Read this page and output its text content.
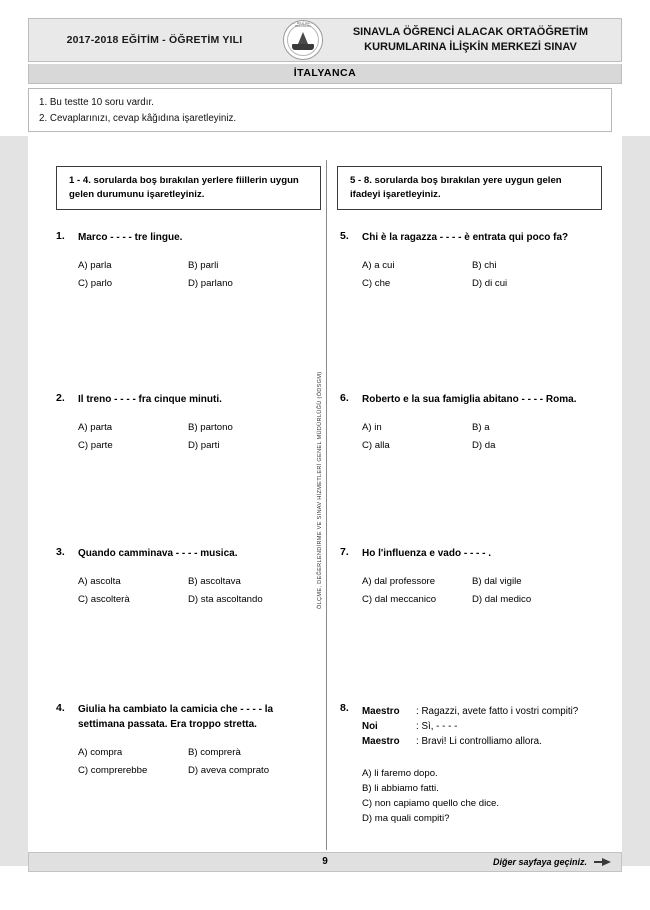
2017-2018 EĞİTİM - ÖĞRETİM YILI
T.C. MİLLÎ EĞİTİM BAKANLIĞI	SINAVLA ÖĞRENCİ ALACAK ORTAÖĞRETİM
KURUMLARINA İLİŞKİN MERKEZİ SINAV
İTALYANCA
1. Bu testte 10 soru vardır.
2. Cevaplarınızı, cevap kâğıdına işaretleyiniz.
1 - 4. sorularda boş bırakılan yerlere fiillerin uygun gelen durumunu işaretleyiniz.
5 - 8. sorularda boş bırakılan yere uygun gelen ifadeyi işaretleyiniz.
ÖLÇME, DEĞERLENDİRME VE SINAV HİZMETLERİ GENEL MÜDÜRLÜĞÜ (ÖDSGM)
1.	Marco - - - - tre lingue.
A) parla	B) parli
C) parlo	D) parlano
2.	Il treno - - - - fra cinque minuti.
A) parta	B) partono
C) parte	D) parti
3.	Quando camminava - - - - musica.
A) ascolta	B) ascoltava
C) ascolterà	D) sta ascoltando
4.	Giulia ha cambiato la camicia che - - - - la settimana passata. Era troppo stretta.
A) compra	B) comprerà
C) comprerebbe	D) aveva comprato
5.	Chi è la ragazza - - - - è entrata qui poco fa?
A) a cui	B) chi
C) che	D) di cui
6.	Roberto e la sua famiglia abitano - - - - Roma.
A) in	B) a
C) alla	D) da
7.	Ho l'influenza e vado - - - - .
A) dal professore	B) dal vigile
C) dal meccanico	D) dal medico
8.	Maestro	: Ragazzi, avete fatto i vostri compiti?
Noi	: Sì, - - - -
Maestro	: Bravi! Li controlliamo allora.
A) li faremo dopo.
B) li abbiamo fatti.
C) non capiamo quello che dice.
D) ma quali compiti?
9	Diğer sayfaya geçiniz.
